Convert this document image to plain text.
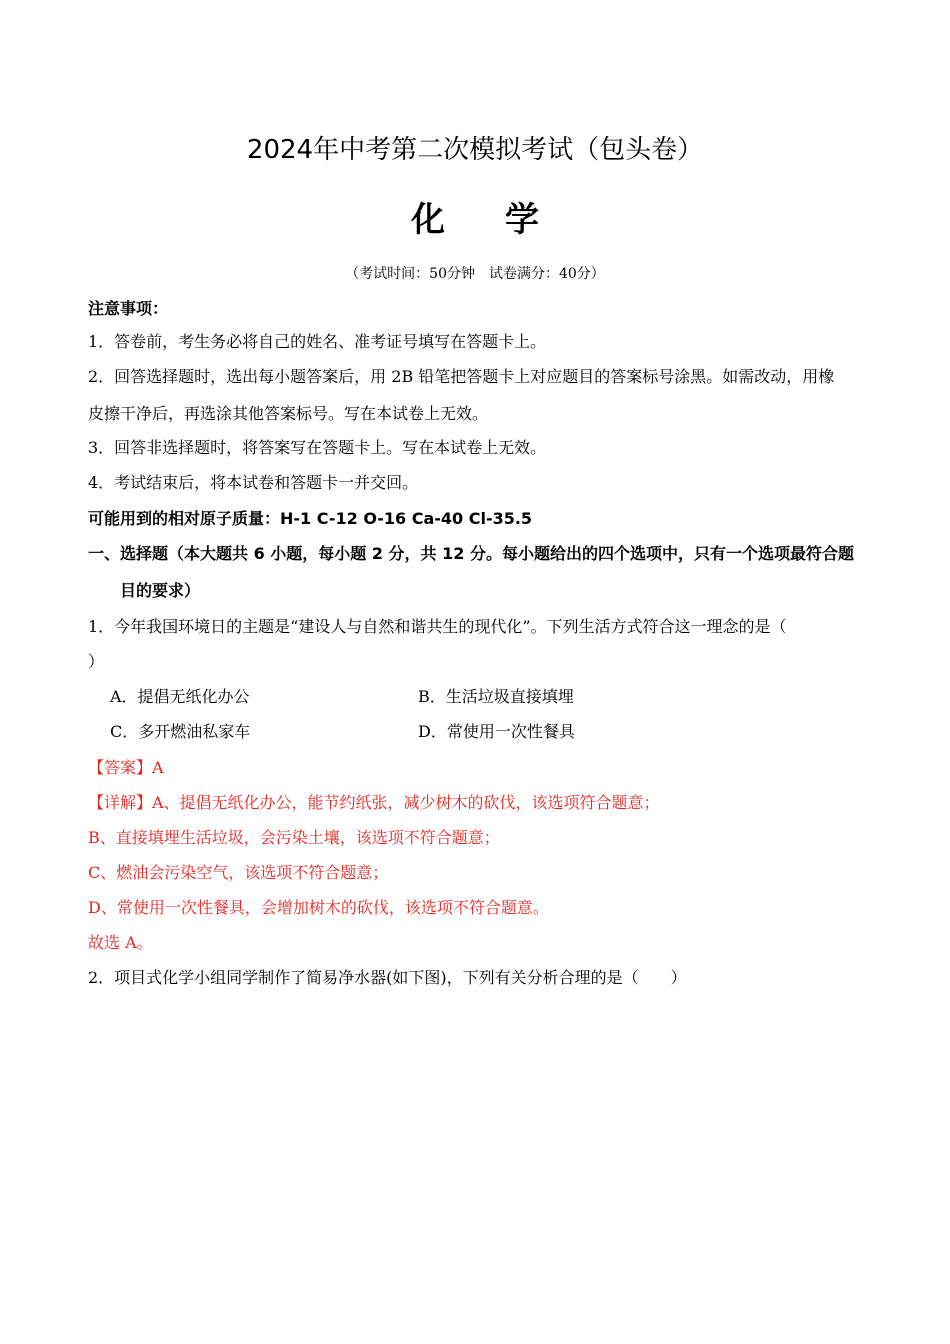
2024年中考第二次模拟考试（包头卷）
化学
（考试时间：50分钟　试卷满分：40分）
注意事项：
1．答卷前，考生务必将自己的姓名、准考证号填写在答题卡上。
2．回答选择题时，选出每小题答案后，用 2B 铅笔把答题卡上对应题目的答案标号涂黑。如需改动，用橡
皮擦干净后，再选涂其他答案标号。写在本试卷上无效。
3．回答非选择题时，将答案写在答题卡上。写在本试卷上无效。
4．考试结束后，将本试卷和答题卡一并交回。
可能用到的相对原子质量：H-1 C-12 O-16 Ca-40 Cl-35.5
一、选择题（本大题共 6 小题，每小题 2 分，共 12 分。每小题给出的四个选项中，只有一个选项最符合题
目的要求）
1．今年我国环境日的主题是“建设人与自然和谐共生的现代化”。下列生活方式符合这一理念的是（
）
A．提倡无纸化办公	B．生活垃圾直接填埋
C．多开燃油私家车	D．常使用一次性餐具
【答案】A
【详解】A、提倡无纸化办公，能节约纸张，减少树木的砍伐，该选项符合题意；
B、直接填埋生活垃圾，会污染土壤，该选项不符合题意；
C、燃油会污染空气，该选项不符合题意；
D、常使用一次性餐具，会增加树木的砍伐，该选项不符合题意。
故选 A。
2．项目式化学小组同学制作了简易净水器(如下图)，下列有关分析合理的是（　　）
